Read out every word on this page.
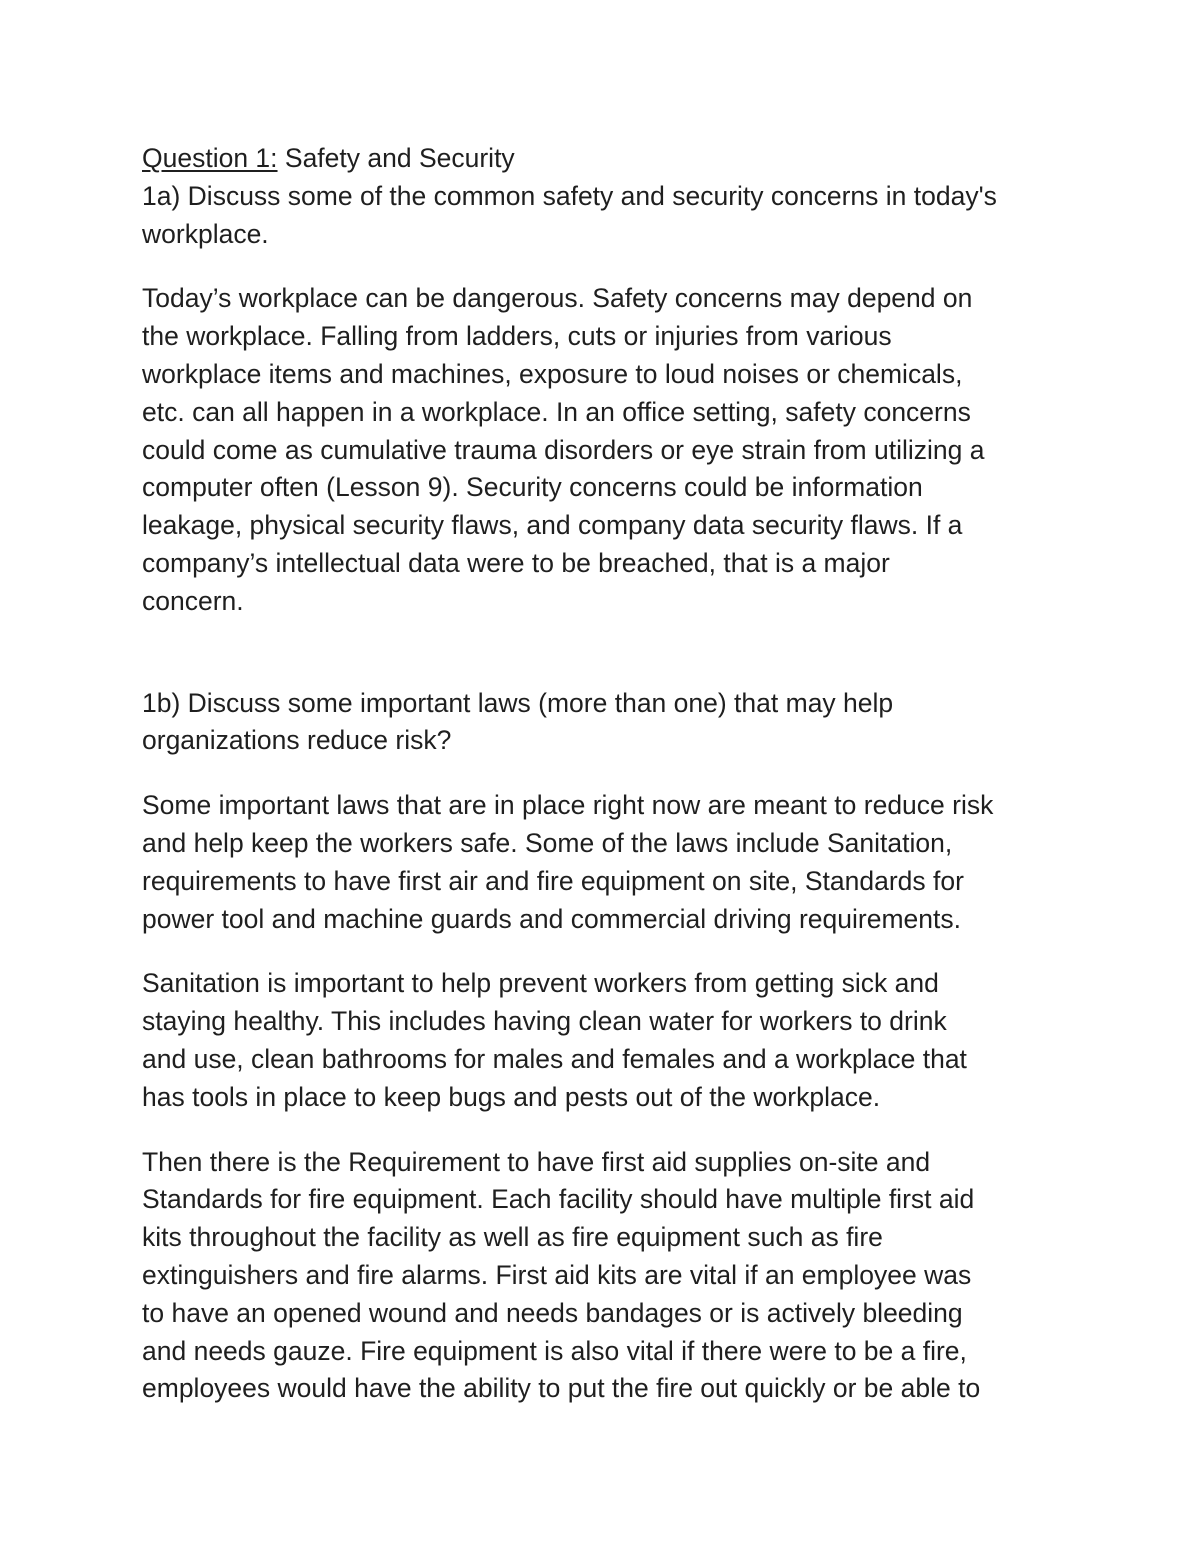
Question 1: Safety and Security
1a) Discuss some of the common safety and security concerns in today's
workplace.
Today’s workplace can be dangerous. Safety concerns may depend on
the workplace. Falling from ladders, cuts or injuries from various
workplace items and machines, exposure to loud noises or chemicals,
etc. can all happen in a workplace. In an office setting, safety concerns
could come as cumulative trauma disorders or eye strain from utilizing a
computer often (Lesson 9). Security concerns could be information
leakage, physical security flaws, and company data security flaws. If a
company’s intellectual data were to be breached, that is a major
concern.
1b) Discuss some important laws (more than one) that may help
organizations reduce risk?
Some important laws that are in place right now are meant to reduce risk
and help keep the workers safe. Some of the laws include Sanitation,
requirements to have first air and fire equipment on site, Standards for
power tool and machine guards and commercial driving requirements.
Sanitation is important to help prevent workers from getting sick and
staying healthy. This includes having clean water for workers to drink
and use, clean bathrooms for males and females and a workplace that
has tools in place to keep bugs and pests out of the workplace.
Then there is the Requirement to have first aid supplies on-site and
Standards for fire equipment. Each facility should have multiple first aid
kits throughout the facility as well as fire equipment such as fire
extinguishers and fire alarms. First aid kits are vital if an employee was
to have an opened wound and needs bandages or is actively bleeding
and needs gauze. Fire equipment is also vital if there were to be a fire,
employees would have the ability to put the fire out quickly or be able to
